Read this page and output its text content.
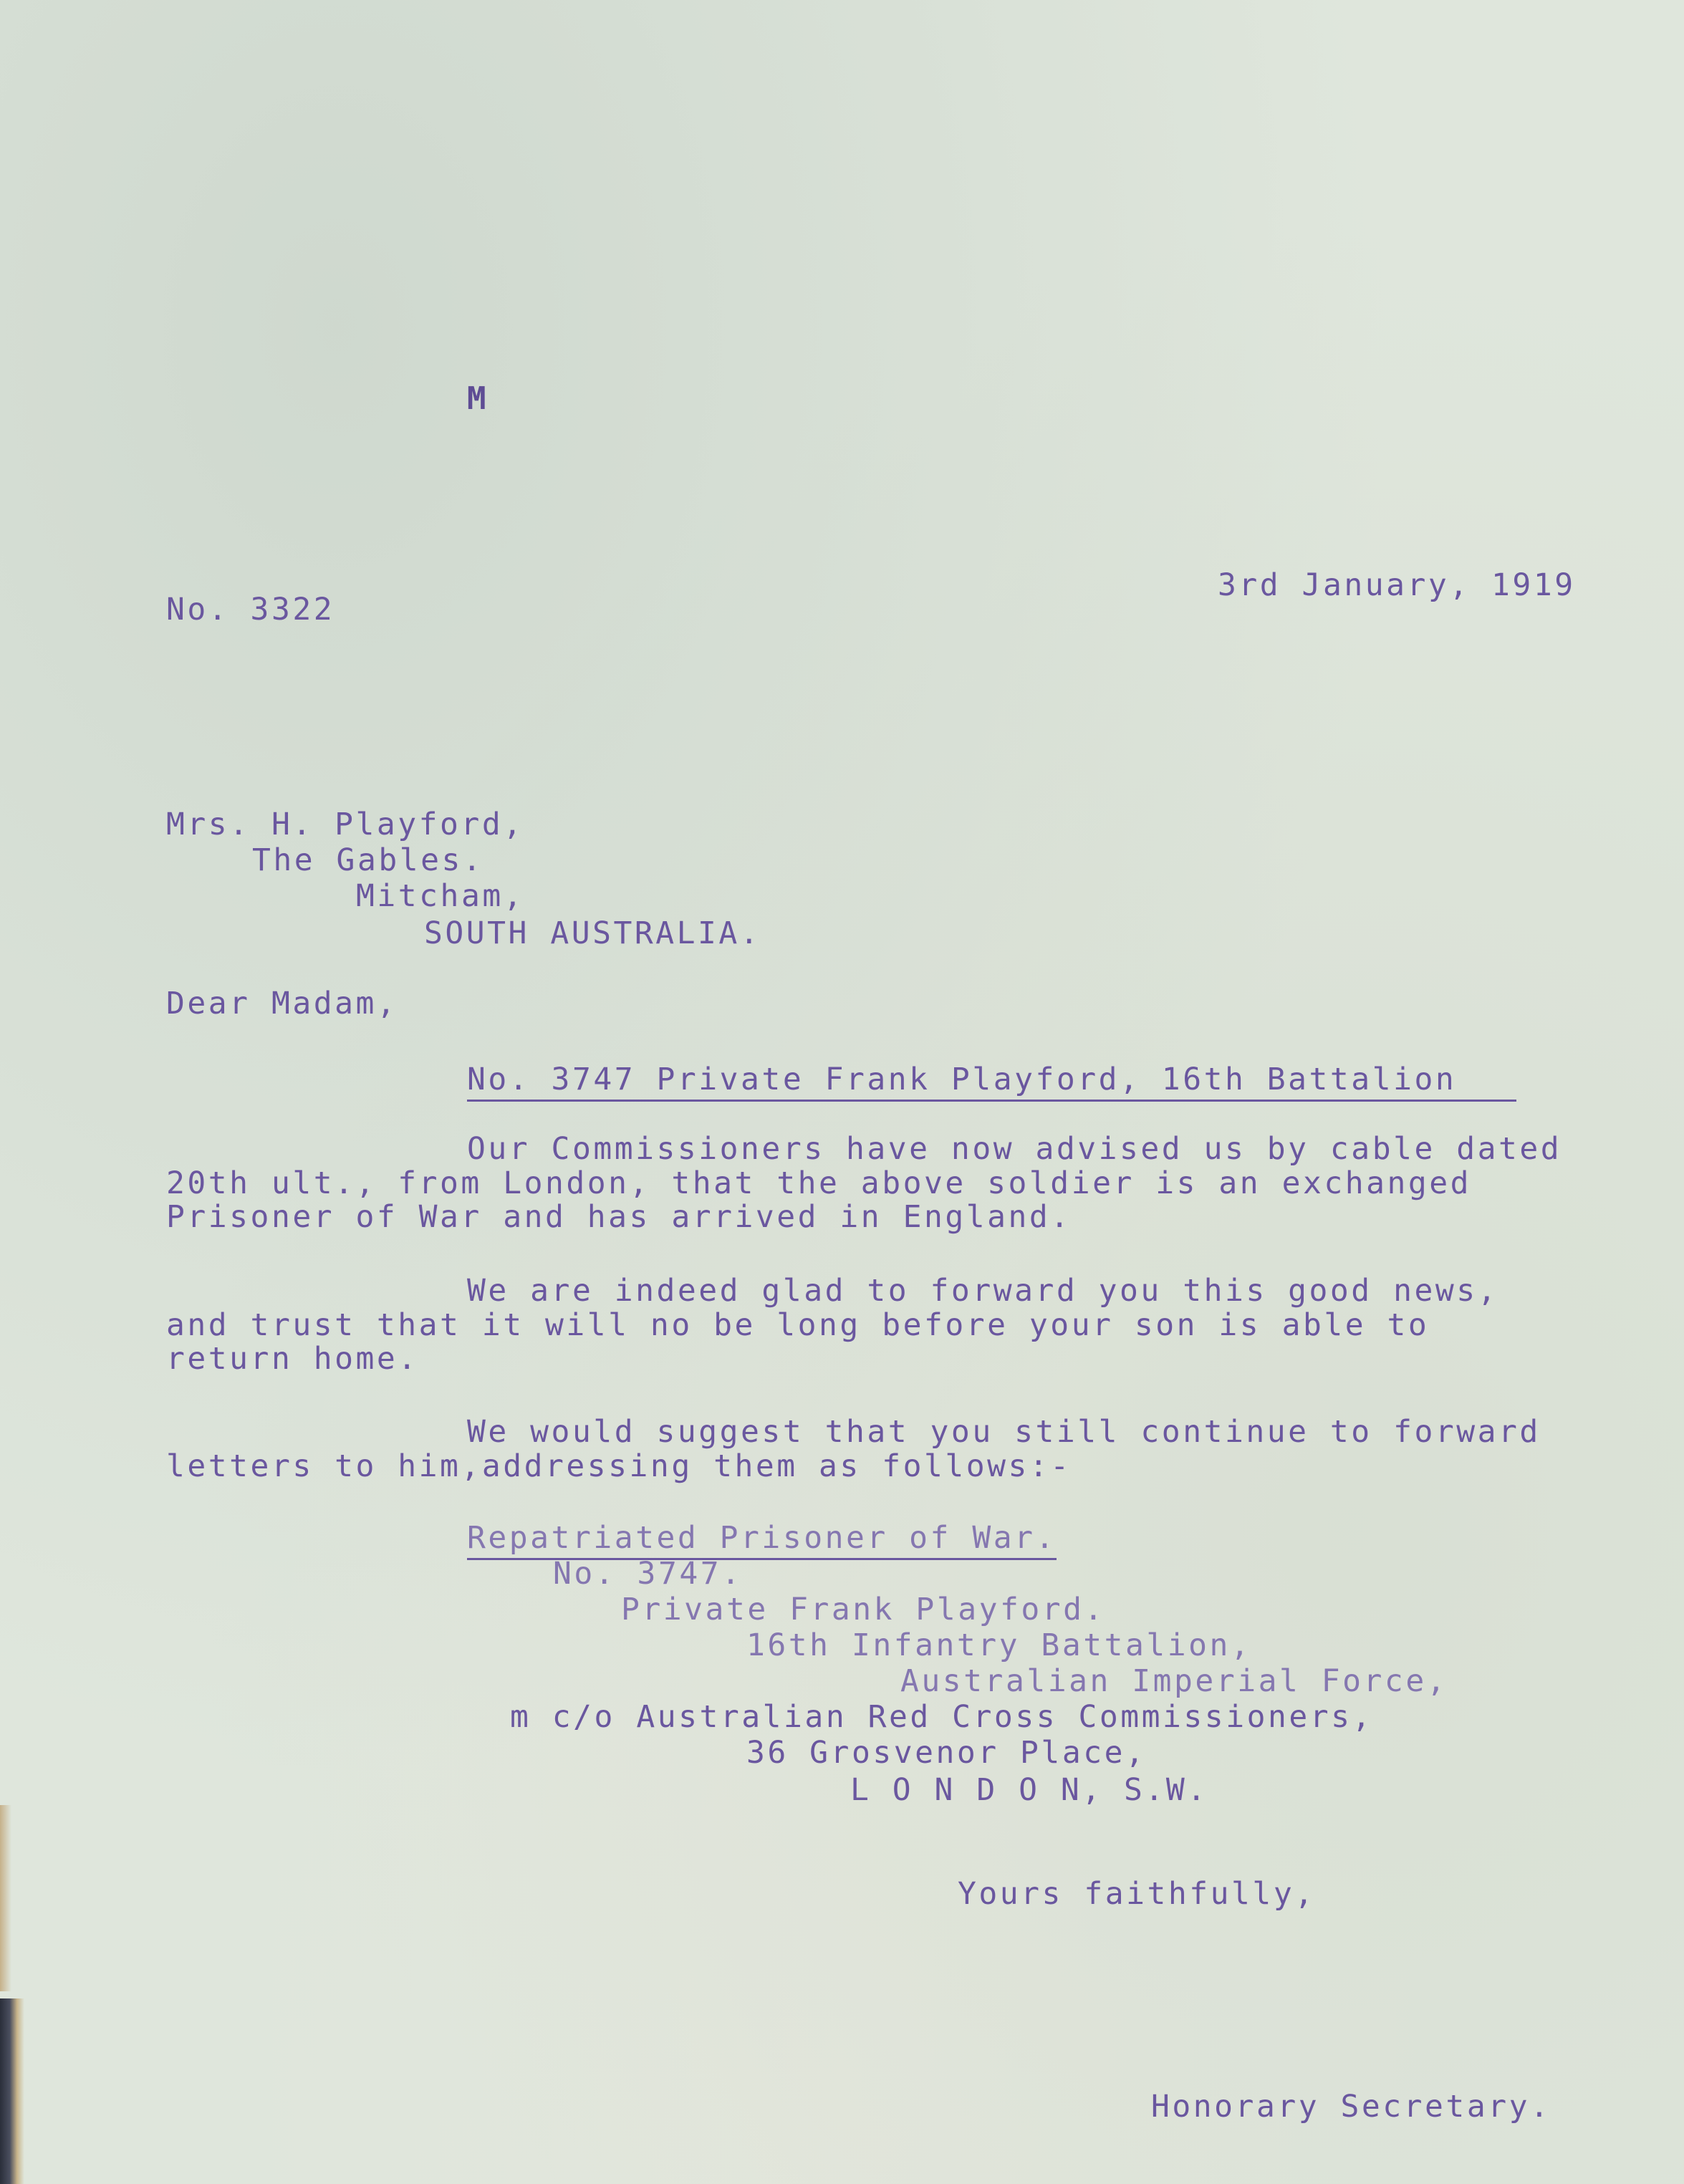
M
3rd January, 1919
No. 3322
Mrs. H. Playford,
The Gables.
Mitcham,
SOUTH AUSTRALIA.
Dear Madam,
No. 3747 Private Frank Playford, 16th Battalion
Our Commissioners have now advised us by cable dated
20th ult., from London, that the above soldier is an exchanged
Prisoner of War and has arrived in England.
We are indeed glad to forward you this good news,
and trust that it will no be long before your son is able to
return home.
We would suggest that you still continue to forward
letters to him,addressing them as follows:-
Repatriated Prisoner of War.
No. 3747.
Private Frank Playford.
16th Infantry Battalion,
Australian Imperial Force,
m c/o Australian Red Cross Commissioners,
36 Grosvenor Place,
L O N D O N, S.W.
Yours faithfully,
Honorary Secretary.
